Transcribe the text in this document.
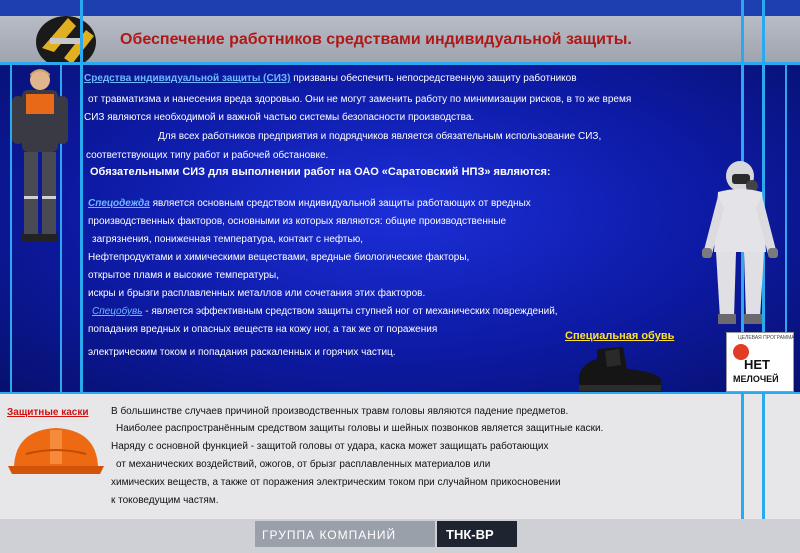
Обеспечение работников средствами индивидуальной защиты.
Средства индивидуальной защиты (СИЗ) призваны обеспечить непосредственную защиту работников
от травматизма и нанесения вреда здоровью. Они не могут заменить работу по минимизации рисков, в то же время
СИЗ являются необходимой и важной частью системы безопасности производства.
Для всех работников предприятия и подрядчиков является обязательным использование СИЗ,
соответствующих типу работ и рабочей обстановке.
Обязательными СИЗ для выполнении работ на ОАО «Саратовский НПЗ» являются:
Спецодежда является основным средством индивидуальной защиты работающих от вредных
производственных факторов, основными из которых являются: общие производственные
загрязнения, пониженная температура, контакт с нефтью,
Нефтепродуктами и химическими веществами, вредные биологические факторы,
открытое пламя и высокие температуры,
искры и брызги расплавленных металлов или сочетания этих факторов.
Спецобувь - является эффективным средством защиты ступней ног от механических повреждений,
попадания вредных и опасных веществ на кожу ног, а так же от поражения
электрическим током и попадания раскаленных и горячих частиц.
Специальная обувь	ЦЕЛЕВАЯ ПРОГРАММА
НЕТ
МЕЛОЧЕЙ
Защитные каски В большинстве случаев причиной производственных травм головы являются падение предметов.
Наиболее распространённым средством защиты головы и шейных позвонков является защитные каски.
Наряду с основной функцией - защитой головы от удара, каска может защищать работающих
от механических воздействий, ожогов, от брызг расплавленных материалов или
химических веществ, а также от поражения электрическим током при случайном прикосновении
к токоведущим частям.
ГРУППА КОМПАНИЙ	ТНК-ВР
